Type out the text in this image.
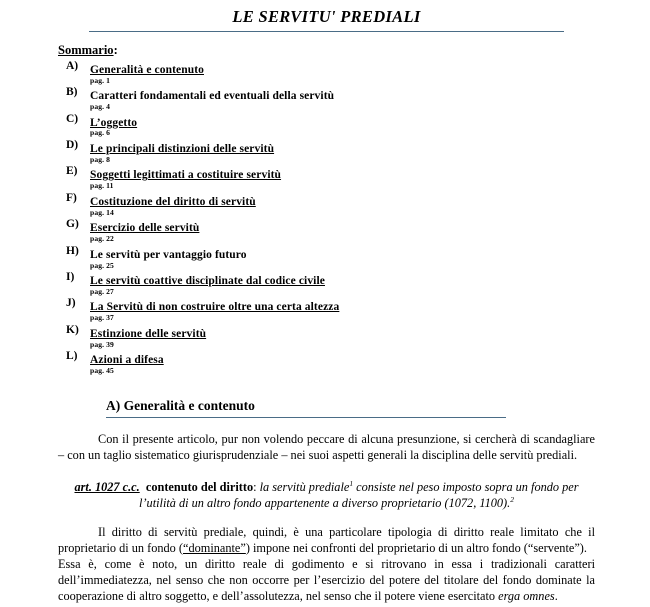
LE SERVITU' PREDIALI
Sommario:
A) Generalità e contenuto
pag. 1
B) Caratteri fondamentali ed eventuali della servitù
pag. 4
C) L’oggetto
pag. 6
D) Le principali distinzioni delle servitù
pag. 8
E) Soggetti legittimati a costituire servitù
pag. 11
F) Costituzione del diritto di servitù
pag. 14
G) Esercizio delle servitù
pag. 22
H) Le servitù per vantaggio futuro
pag. 25
I) Le servitù coattive disciplinate dal codice civile
pag. 27
J) La Servitù di non costruire oltre una certa altezza
pag. 37
K) Estinzione delle servitù
pag. 39
L) Azioni a difesa
pag. 45
A) Generalità e contenuto

Con il presente articolo, pur non volendo peccare di alcuna presunzione, si cercherà di scandagliare – con un taglio sistematico giurisprudenziale – nei suoi aspetti generali la disciplina delle servitù prediali.

art. 1027 c.c. contenuto del diritto: la servitù prediale$^1$ consiste nel peso imposto sopra un fondo per l’utilità di un altro fondo appartenente a diverso proprietario (1072, 1100).$^2$

Il diritto di servitù prediale, quindi, è una particolare tipologia di diritto reale limitato che il proprietario di un fondo (“dominante”) impone nei confronti del proprietario di un altro fondo (“servente”).

Essa è, come è noto, un diritto reale di godimento e si ritrovano in essa i tradizionali caratteri dell’immediatezza, nel senso che non occorre per l’esercizio del potere del titolare del fondo dominate la cooperazione di altro soggetto, e dell’assolutezza, nel senso che il potere viene esercitato erga omnes.
